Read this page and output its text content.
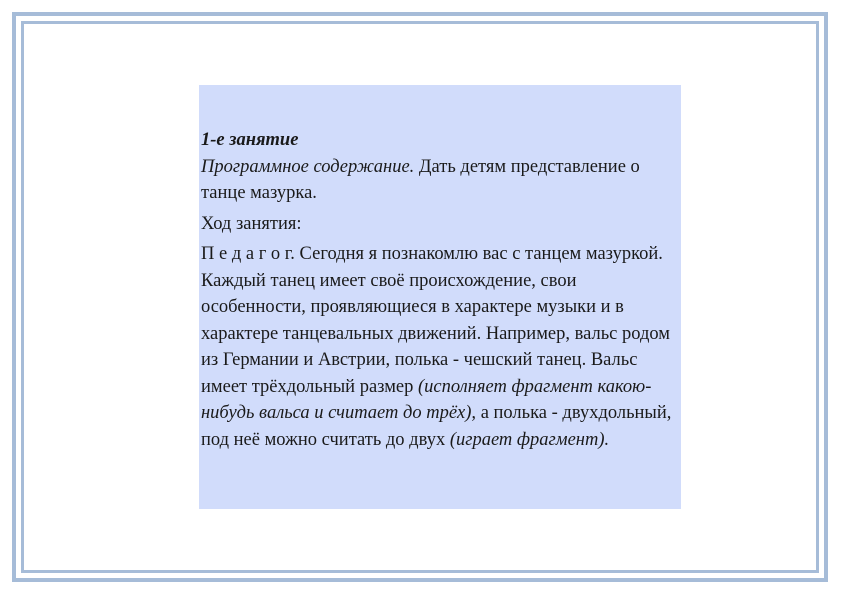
1-е занятие

Программное содержание. Дать детям представление о танце мазурка.

Ход занятия:

П е д а г о г. Сегодня я познакомлю вас с танцем мазуркой. Каждый танец имеет своё происхождение, свои особенности, проявляющиеся в характере музыки и в характере танцевальных движений. Например, вальс родом из Германии и Австрии, полька - чешский танец. Вальс имеет трёхдольный размер (исполняет фрагмент какою-нибудь вальса и считает до трёх), а полька - двухдольный, под неё можно считать до двух (играет фрагмент).
